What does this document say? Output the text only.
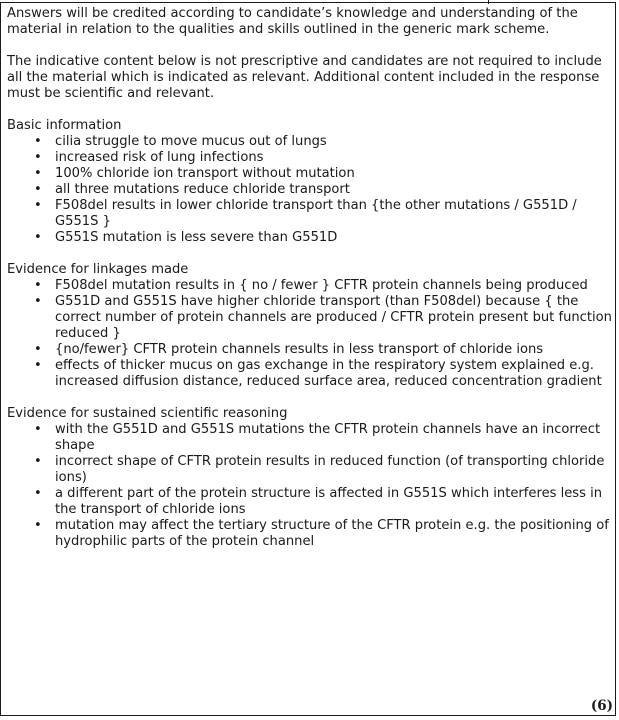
Answers will be credited according to candidate’s knowledge and understanding of the material in relation to the qualities and skills outlined in the generic mark scheme.

The indicative content below is not prescriptive and candidates are not required to include all the material which is indicated as relevant. Additional content included in the response must be scientific and relevant.

Basic information

• cilia struggle to move mucus out of lungs
• increased risk of lung infections
• 100% chloride ion transport without mutation
• all three mutations reduce chloride transport
• F508del results in lower chloride transport than {the other mutations / G551D / G551S }
• G551S mutation is less severe than G551D

Evidence for linkages made

• F508del mutation results in { no / fewer } CFTR protein channels being produced
• G551D and G551S have higher chloride transport (than F508del) because { the correct number of protein channels are produced / CFTR protein present but function reduced }
• {no/fewer} CFTR protein channels results in less transport of chloride ions
• effects of thicker mucus on gas exchange in the respiratory system explained e.g. increased diffusion distance, reduced surface area, reduced concentration gradient

Evidence for sustained scientific reasoning

• with the G551D and G551S mutations the CFTR protein channels have an incorrect shape
• incorrect shape of CFTR protein results in reduced function (of transporting chloride ions)
• a different part of the protein structure is affected in G551S which interferes less in the transport of chloride ions
• mutation may affect the tertiary structure of the CFTR protein e.g. the positioning of hydrophilic parts of the protein channel
(6)
